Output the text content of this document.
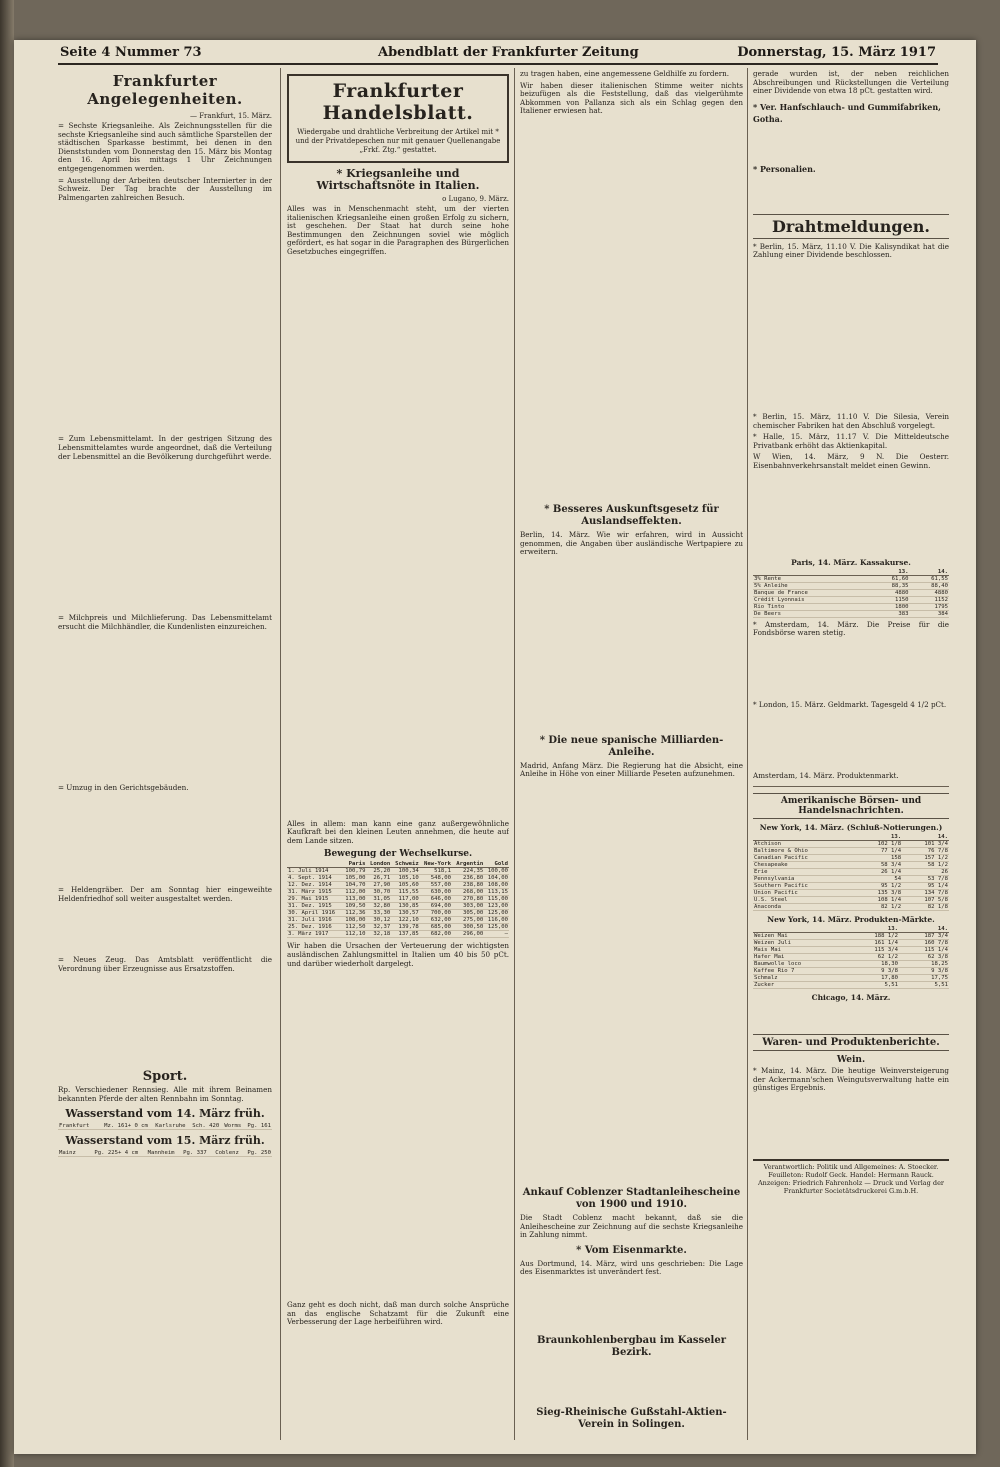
Seite 4 Nummer 73	Abendblatt der Frankfurter Zeitung	Donnerstag, 15. März 1917
Frankfurter Angelegenheiten.
— Frankfurt, 15. März.

= Sechste Kriegsanleihe. Als Zeichnungsstellen für die sechste Kriegsanleihe sind auch sämtliche Sparstellen der städtischen Sparkasse bestimmt, bei denen in den Dienststunden vom Donnerstag den 15. März bis Montag den 16. April bis mittags 1 Uhr Zeichnungen entgegengenommen werden.

= Ausstellung der Arbeiten deutscher Internierter in der Schweiz. Der Tag brachte der Ausstellung im Palmengarten zahlreichen Besuch.

= Zum Lebensmittelamt. In der gestrigen Sitzung des Lebensmittelamtes wurde angeordnet, daß die Verteilung der Lebensmittel an die Bevölkerung durchgeführt werde.

= Milchpreis und Milchlieferung. Das Lebensmittelamt ersucht die Milchhändler, die Kundenlisten einzureichen.

= Umzug in den Gerichtsgebäuden.

= Heldengräber. Der am Sonntag hier eingeweihte Heldenfriedhof soll weiter ausgestaltet werden.

= Neues Zeug. Das Amtsblatt veröffentlicht die Verordnung über Erzeugnisse aus Ersatzstoffen.

Sport.

Rp. Verschiedener Rennsieg. Alle mit ihrem Beinamen bekannten Pferde der alten Rennbahn im Sonntag.

Wasserstand vom 14. März früh.
Frankfurt	Mz. 161+ 0 cm	Karlsruhe	Sch. 420	Worms	Pg. 161
Wasserstand vom 15. März früh.
Mainz	Pg. 225+ 4 cm	Mannheim	Pg. 337	Coblenz	Pg. 250
Frankfurter Handelsblatt.
Wiedergabe und drahtliche Verbreitung der Artikel mit * und der Privatdepeschen nur mit genauer Quellenangabe „Frkf. Ztg.“ gestattet.
* Kriegsanleihe und Wirtschaftsnöte in Italien.
o Lugano, 9. März.

Alles was in Menschenmacht steht, um der vierten italienischen Kriegsanleihe einen großen Erfolg zu sichern, ist geschehen. Der Staat hat durch seine hohe Bestimmungen den Zeichnungen soviel wie möglich gefördert, es hat sogar in die Paragraphen des Bürgerlichen Gesetzbuches eingegriffen.

Alles in allem: man kann eine ganz außergewöhnliche Kaufkraft bei den kleinen Leuten annehmen, die heute auf dem Lande sitzen.

Bewegung der Wechselkurse.
	Paris	London	Schweiz	New-York	Argentin	Gold
1. Juli 1914	100,79	25,20	100,34	518,1	224,35	100,00
4. Sept. 1914	105,00	26,71	105,10	548,00	236,80	104,00
12. Dez. 1914	104,70	27,90	105,60	557,00	238,80	108,00
31. März 1915	112,00	30,70	115,55	630,00	268,00	113,15
29. Mai 1915	113,00	31,05	117,00	646,00	270,80	115,00
31. Dez. 1915	109,50	32,80	130,85	694,00	303,00	123,00
30. April 1916	112,36	33,30	130,57	700,00	305,00	125,00
31. Juli 1916	108,00	30,12	122,10	632,00	275,00	116,00
25. Dez. 1916	112,50	32,37	139,78	685,00	300,50	125,00
3. März 1917	112,10	32,18	137,85	682,00	296,00	—

Wir haben die Ursachen der Verteuerung der wichtigsten ausländischen Zahlungsmittel in Italien um 40 bis 50 pCt. und darüber wiederholt dargelegt.

Ganz geht es doch nicht, daß man durch solche Ansprüche an das englische Schatzamt für die Zukunft eine Verbesserung der Lage herbeiführen wird.

zu tragen haben, eine angemessene Geldhilfe zu fordern.

Wir haben dieser italienischen Stimme weiter nichts beizufügen als die Feststellung, daß das vielgerühmte Abkommen von Pallanza sich als ein Schlag gegen den Italiener erwiesen hat.

* Besseres Auskunftsgesetz für Auslandseffekten.

Berlin, 14. März. Wie wir erfahren, wird in Aussicht genommen, die Angaben über ausländische Wertpapiere zu erweitern.

* Die neue spanische Milliarden-Anleihe.

Madrid, Anfang März. Die Regierung hat die Absicht, eine Anleihe in Höhe von einer Milliarde Peseten aufzunehmen.

Ankauf Coblenzer Stadtanleihescheine von 1900 und 1910.

Die Stadt Coblenz macht bekannt, daß sie die Anleihescheine zur Zeichnung auf die sechste Kriegsanleihe in Zahlung nimmt.

* Vom Eisenmarkte.

Aus Dortmund, 14. März, wird uns geschrieben: Die Lage des Eisenmarktes ist unverändert fest.

Braunkohlenbergbau im Kasseler Bezirk.
Sieg-Rheinische Gußstahl-Aktien-Verein in Solingen.

gerade wurden ist, der neben reichlichen Abschreibungen und Rückstellungen die Verteilung einer Dividende von etwa 18 pCt. gestatten wird.

* Ver. Hanfschlauch- und Gummifabriken, Gotha.
* Personalien.
Drahtmeldungen.

* Berlin, 15. März, 11.10 V. Die Kalisyndikat hat die Zahlung einer Dividende beschlossen.

* Berlin, 15. März, 11.10 V. Die Silesia, Verein chemischer Fabriken hat den Abschluß vorgelegt.

* Halle, 15. März, 11.17 V. Die Mitteldeutsche Privatbank erhöht das Aktienkapital.

W Wien, 14. März, 9 N. Die Oesterr. Eisenbahnverkehrsanstalt meldet einen Gewinn.

Paris, 14. März. Kassakurse.
	13.	14.
3% Rente	61,60	61,55
5% Anleihe	88,35	88,40
Banque de France	4880	4880
Crédit Lyonnais	1150	1152
Rio Tinto	1800	1795
De Beers	383	384

* Amsterdam, 14. März. Die Preise für die Fondsbörse waren stetig.

* London, 15. März. Geldmarkt. Tagesgeld 4 1/2 pCt.

Amsterdam, 14. März. Produktenmarkt.

Amerikanische Börsen- und Handelsnachrichten.
New York, 14. März. (Schluß-Notierungen.)
	13.	14.
Atchison	102 1/8	101 3/4
Baltimore & Ohio	77 1/4	76 7/8
Canadian Pacific	158	157 1/2
Chesapeake	58 3/4	58 1/2
Erie	26 1/4	26
Pennsylvania	54	53 7/8
Southern Pacific	95 1/2	95 1/4
Union Pacific	135 3/8	134 7/8
U.S. Steel	108 1/4	107 5/8
Anaconda	82 1/2	82 1/8
New York, 14. März. Produkten-Märkte.
	13.	14.
Weizen Mai	188 1/2	187 3/4
Weizen Juli	161 1/4	160 7/8
Mais Mai	115 3/4	115 1/4
Hafer Mai	62 1/2	62 3/8
Baumwolle loco	18,30	18,25
Kaffee Rio 7	9 3/8	9 3/8
Schmalz	17,80	17,75
Zucker	5,51	5,51
Chicago, 14. März.
Waren- und Produktenberichte.
Wein.

* Mainz, 14. März. Die heutige Weinversteigerung der Ackermann'schen Weingutsverwaltung hatte ein günstiges Ergebnis.

Verantwortlich: Politik und Allgemeines: A. Stoecker. Feuilleton: Rudolf Geck. Handel: Hermann Rauck. Anzeigen: Friedrich Fahrenholz — Druck und Verlag der Frankfurter Societätsdruckerei G.m.b.H.
